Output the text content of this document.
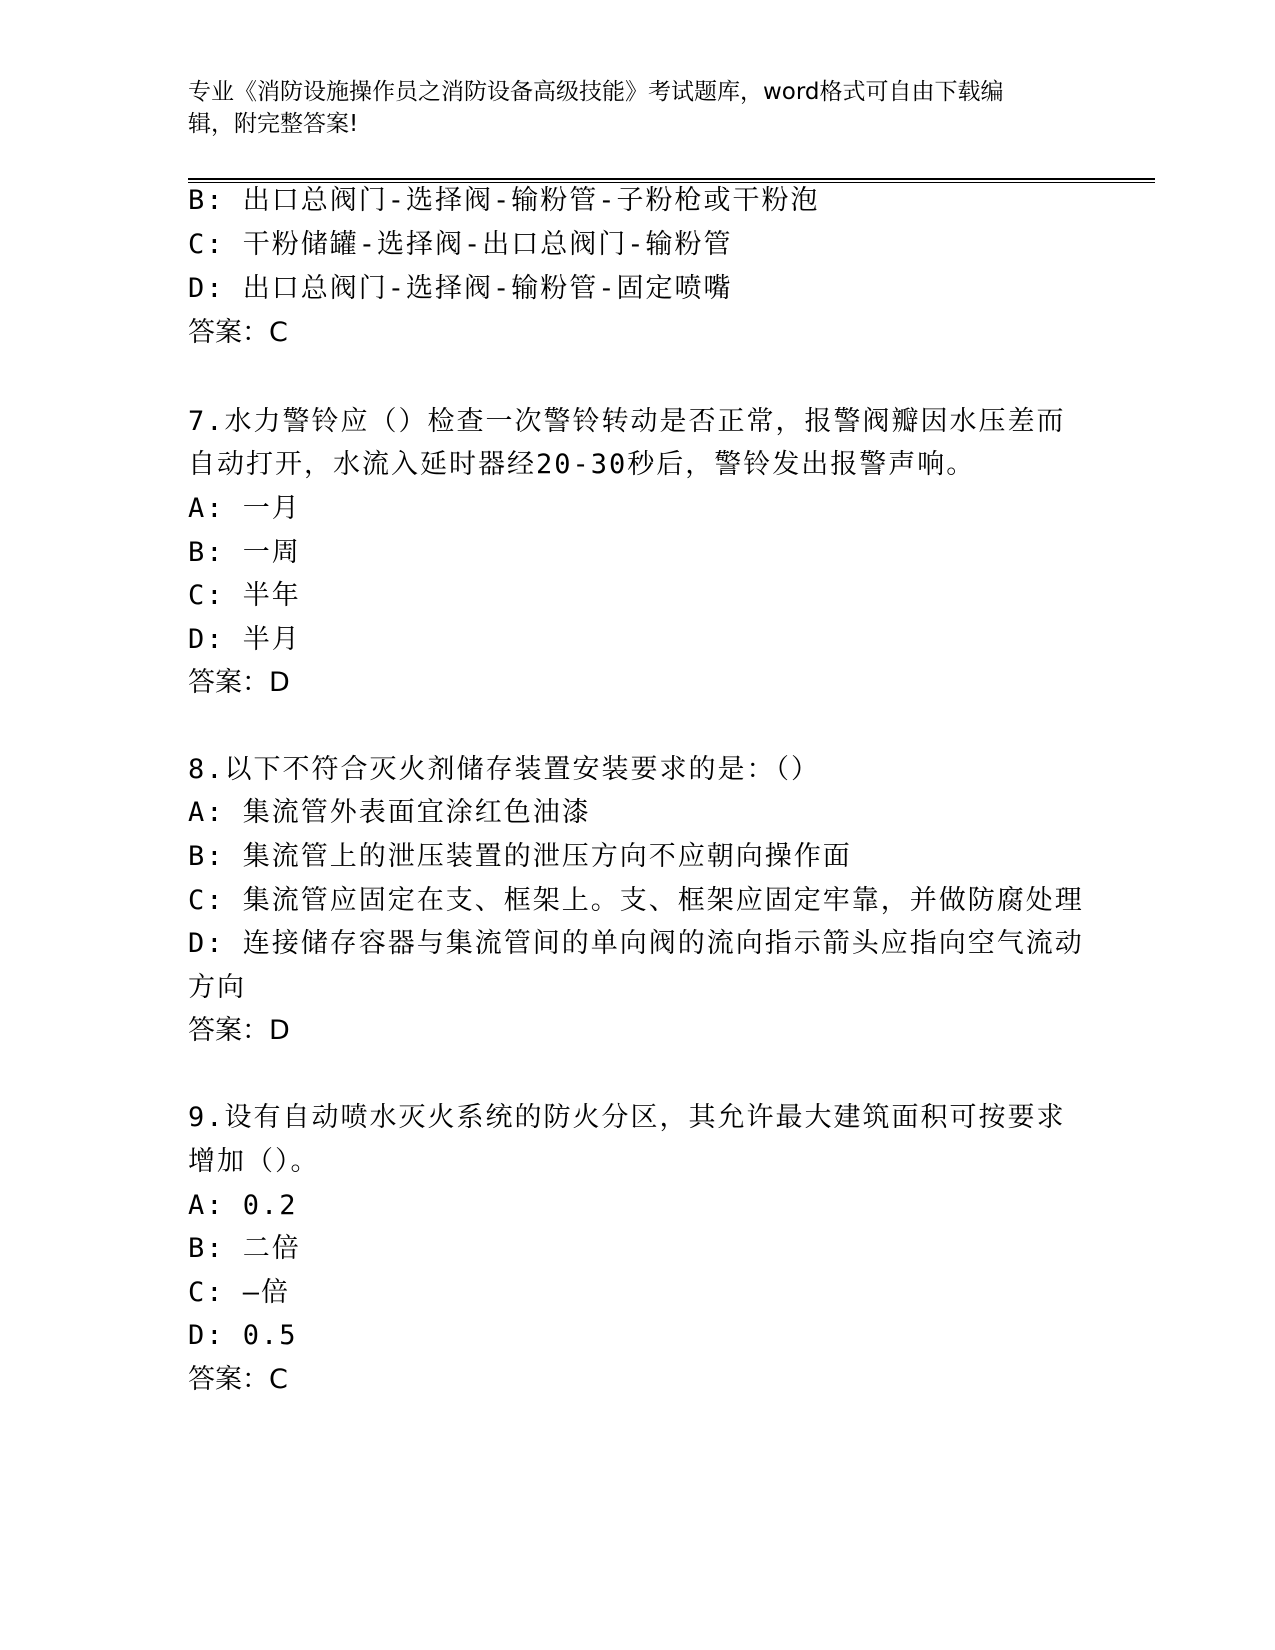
专业《消防设施操作员之消防设备高级技能》考试题库，word格式可自由下载编
辑，附完整答案!
B: 出口总阀门-选择阀-输粉管-子粉枪或干粉泡
C: 干粉储罐-选择阀-出口总阀门-输粉管
D: 出口总阀门-选择阀-输粉管-固定喷嘴
答案：C
7.水力警铃应（）检查一次警铃转动是否正常，报警阀瓣因水压差而
自动打开，水流入延时器经20-30秒后，警铃发出报警声响。
A: 一月
B: 一周
C: 半年
D: 半月
答案：D
8.以下不符合灭火剂储存装置安装要求的是：（）
A: 集流管外表面宜涂红色油漆
B: 集流管上的泄压装置的泄压方向不应朝向操作面
C: 集流管应固定在支、框架上。支、框架应固定牢靠，并做防腐处理
D: 连接储存容器与集流管间的单向阀的流向指示箭头应指向空气流动
方向
答案：D
9.设有自动喷水灭火系统的防火分区，其允许最大建筑面积可按要求
增加（）。
A: 0.2
B: 二倍
C: —倍
D: 0.5
答案：C
